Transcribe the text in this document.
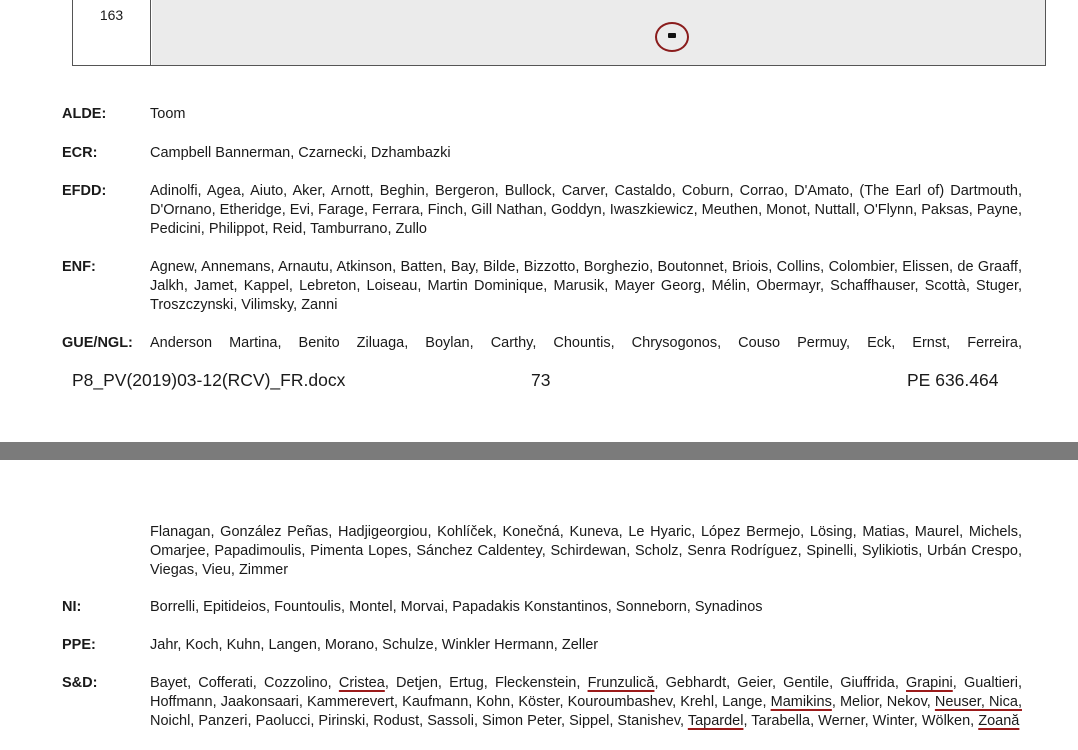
163
ALDE:	Toom
ECR:	Campbell Bannerman, Czarnecki, Dzhambazki
EFDD:	Adinolfi, Agea, Aiuto, Aker, Arnott, Beghin, Bergeron, Bullock, Carver, Castaldo, Coburn, Corrao, D'Amato, (The Earl of) Dartmouth, D'Ornano, Etheridge, Evi, Farage, Ferrara, Finch, Gill Nathan, Goddyn, Iwaszkiewicz, Meuthen, Monot, Nuttall, O'Flynn, Paksas, Payne, Pedicini, Philippot, Reid, Tamburrano, Zullo
ENF:	Agnew, Annemans, Arnautu, Atkinson, Batten, Bay, Bilde, Bizzotto, Borghezio, Boutonnet, Briois, Collins, Colombier, Elissen, de Graaff, Jalkh, Jamet, Kappel, Lebreton, Loiseau, Martin Dominique, Marusik, Mayer Georg, Mélin, Obermayr, Schaffhauser, Scottà, Stuger, Troszczynski, Vilimsky, Zanni
GUE/NGL: Anderson Martina, Benito Ziluaga, Boylan, Carthy, Chountis, Chrysogonos, Couso Permuy, Eck, Ernst, Ferreira,
P8_PV(2019)03-12(RCV)_FR.docx	73	PE 636.464
Flanagan, González Peñas, Hadjigeorgiou, Kohlíček, Konečná, Kuneva, Le Hyaric, López Bermejo, Lösing, Matias, Maurel, Michels, Omarjee, Papadimoulis, Pimenta Lopes, Sánchez Caldentey, Schirdewan, Scholz, Senra Rodríguez, Spinelli, Sylikiotis, Urbán Crespo, Viegas, Vieu, Zimmer
NI:	Borrelli, Epitideios, Fountoulis, Montel, Morvai, Papadakis Konstantinos, Sonneborn, Synadinos
PPE:	Jahr, Koch, Kuhn, Langen, Morano, Schulze, Winkler Hermann, Zeller
S&D:	Bayet, Cofferati, Cozzolino, Cristea, Detjen, Ertug, Fleckenstein, Frunzulică, Gebhardt, Geier, Gentile, Giuffrida, Grapini, Gualtieri, Hoffmann, Jaakonsaari, Kammerevert, Kaufmann, Kohn, Köster, Kouroumbashev, Krehl, Lange, Mamikins, Melior, Nekov, Neuser, Nica, Noichl, Panzeri, Paolucci, Pirinski, Rodust, Sassoli, Simon Peter, Sippel, Stanishev, Tapardel, Tarabella, Werner, Winter, Wölken, Zoană
